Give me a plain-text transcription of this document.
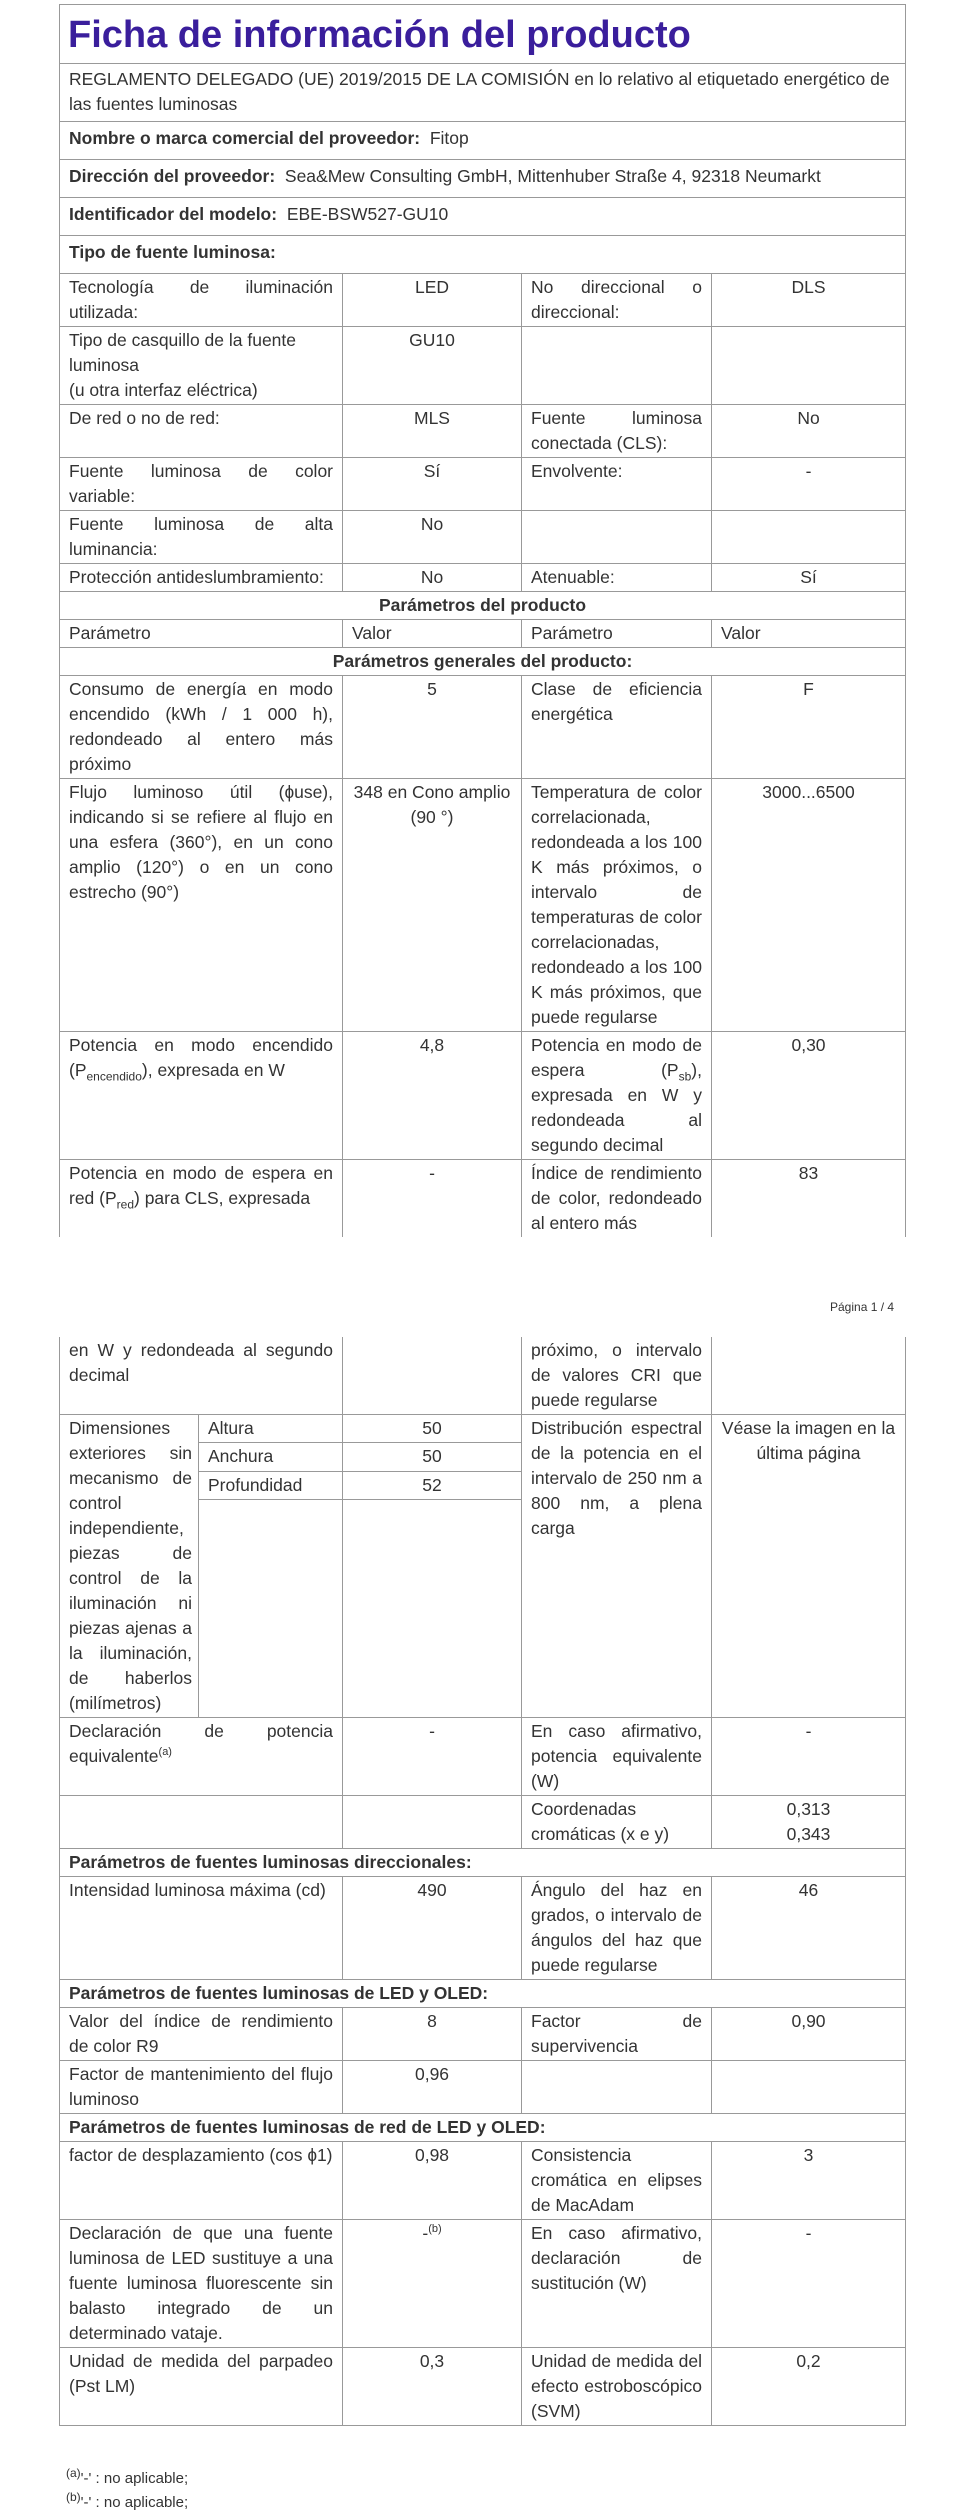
Ficha de información del producto			
REGLAMENTO DELEGADO (UE) 2019/2015 DE LA COMISIÓN en lo relativo al etiquetado energético de las fuentes luminosas			
Nombre o marca comercial del proveedor: Fitop			
Dirección del proveedor: Sea&Mew Consulting GmbH, Mittenhuber Straße 4, 92318 Neumarkt			
Identificador del modelo: EBE-BSW527-GU10			
Tipo de fuente luminosa:			
Tecnología de iluminación utilizada:	LED	No direccional o direccional:	DLS

Tipo de casquillo de la fuente luminosa
(u otra interfaz eléctrica)	GU10		
De red o no de red:	MLS	Fuente luminosa conectada (CLS):	No
Fuente luminosa de color variable:	Sí	Envolvente:	-
Fuente luminosa de alta luminancia:	No		
Protección antideslumbramiento:	No	Atenuable:	Sí
Parámetros del producto			
Parámetro	Valor	Parámetro	Valor
Parámetros generales del producto:			
Consumo de energía en modo encendido (kWh / 1 000 h), redondeado al entero más próximo	5	Clase de eficiencia energética	F
Flujo luminoso útil (ɸuse), indicando si se refiere al flujo en una esfera (360°), en un cono amplio (120°) o en un cono estrecho (90°)	348 en Cono amplio (90 °)	Temperatura de color correlacionada, redondeada a los 100 K más próximos, o intervalo de temperaturas de color correlacionadas, redondeado a los 100 K más próximos, que puede regularse	3000...6500
Potencia en modo encendido $(P_{encendido})$, expresada en W	4,8	Potencia en modo de espera $(P_{sb})$, expresada en W y redondeada al segundo decimal	0,30
Potencia en modo de espera en red $(P_{red})$ para CLS, expresada	-	Índice de rendimiento de color, redondeado al entero más	83
Página 1 / 4
en W y redondeada al segundo decimal			próximo, o intervalo de valores CRI que puede regularse	
Dimensiones exteriores sin mecanismo de control independiente, piezas de control de la iluminación ni piezas ajenas a la iluminación, de haberlos (milímetros)	Altura	50	Distribución espectral de la potencia en el intervalo de 250 nm a 800 nm, a plena carga	Véase la imagen en la última página
	Anchura	50		
	Profundidad	52		

Declaración de potencia equivalente$^{(a)}$		-	En caso afirmativo, potencia equivalente (W)	-
			Coordenadas cromáticas (x e y)	0,313
0,343

Parámetros de fuentes luminosas direccionales:				
Intensidad luminosa máxima (cd)		490	Ángulo del haz en grados, o intervalo de ángulos del haz que puede regularse	46
Parámetros de fuentes luminosas de LED y OLED:				
Valor del índice de rendimiento de color R9		8	Factor de supervivencia	0,90
Factor de mantenimiento del flujo luminoso		0,96		
Parámetros de fuentes luminosas de red de LED y OLED:				
factor de desplazamiento (cos ɸ1)		0,98	Consistencia cromática en elipses de MacAdam	3
Declaración de que una fuente luminosa de LED sustituye a una fuente luminosa fluorescente sin balasto integrado de un determinado vataje.		-$^{(b)}$	En caso afirmativo, declaración de sustitución (W)	-
Unidad de medida del parpadeo (Pst LM)		0,3	Unidad de medida del efecto estroboscópico (SVM)	0,2
$^{(a)}$'-' : no aplicable;
$^{(b)}$'-' : no aplicable;
